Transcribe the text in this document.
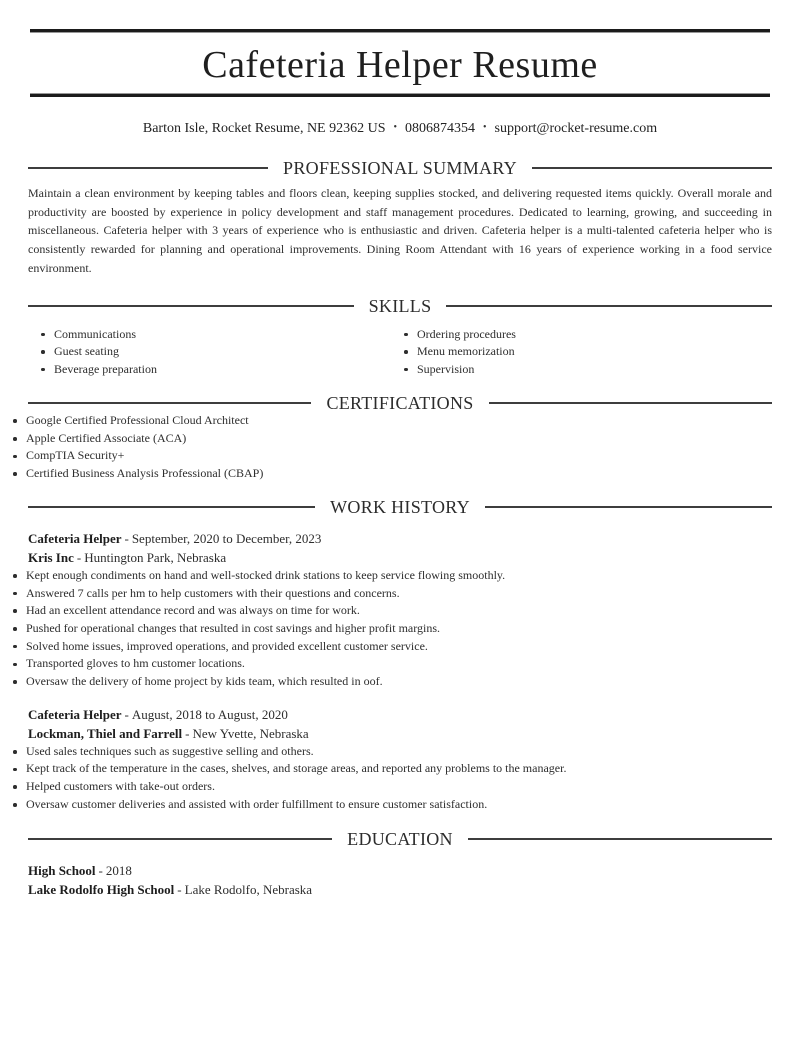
Cafeteria Helper Resume
Barton Isle, Rocket Resume, NE 92362 US • 0806874354 • support@rocket-resume.com
PROFESSIONAL SUMMARY

Maintain a clean environment by keeping tables and floors clean, keeping supplies stocked, and delivering requested items quickly. Overall morale and productivity are boosted by experience in policy development and staff management procedures. Dedicated to learning, growing, and succeeding in miscellaneous. Cafeteria helper with 3 years of experience who is enthusiastic and driven. Cafeteria helper is a multi-talented cafeteria helper who is consistently rewarded for planning and operational improvements. Dining Room Attendant with 16 years of experience working in a food service environment.

SKILLS
Communications
Guest seating
Beverage preparation
Ordering procedures
Menu memorization
Supervision
CERTIFICATIONS
Google Certified Professional Cloud Architect
Apple Certified Associate (ACA)
CompTIA Security+
Certified Business Analysis Professional (CBAP)
WORK HISTORY
Cafeteria Helper - September, 2020 to December, 2023
Kris Inc - Huntington Park, Nebraska
Kept enough condiments on hand and well-stocked drink stations to keep service flowing smoothly.
Answered 7 calls per hm to help customers with their questions and concerns.
Had an excellent attendance record and was always on time for work.
Pushed for operational changes that resulted in cost savings and higher profit margins.
Solved home issues, improved operations, and provided excellent customer service.
Transported gloves to hm customer locations.
Oversaw the delivery of home project by kids team, which resulted in oof.
Cafeteria Helper - August, 2018 to August, 2020
Lockman, Thiel and Farrell - New Yvette, Nebraska
Used sales techniques such as suggestive selling and others.
Kept track of the temperature in the cases, shelves, and storage areas, and reported any problems to the manager.
Helped customers with take-out orders.
Oversaw customer deliveries and assisted with order fulfillment to ensure customer satisfaction.
EDUCATION
High School - 2018
Lake Rodolfo High School - Lake Rodolfo, Nebraska
